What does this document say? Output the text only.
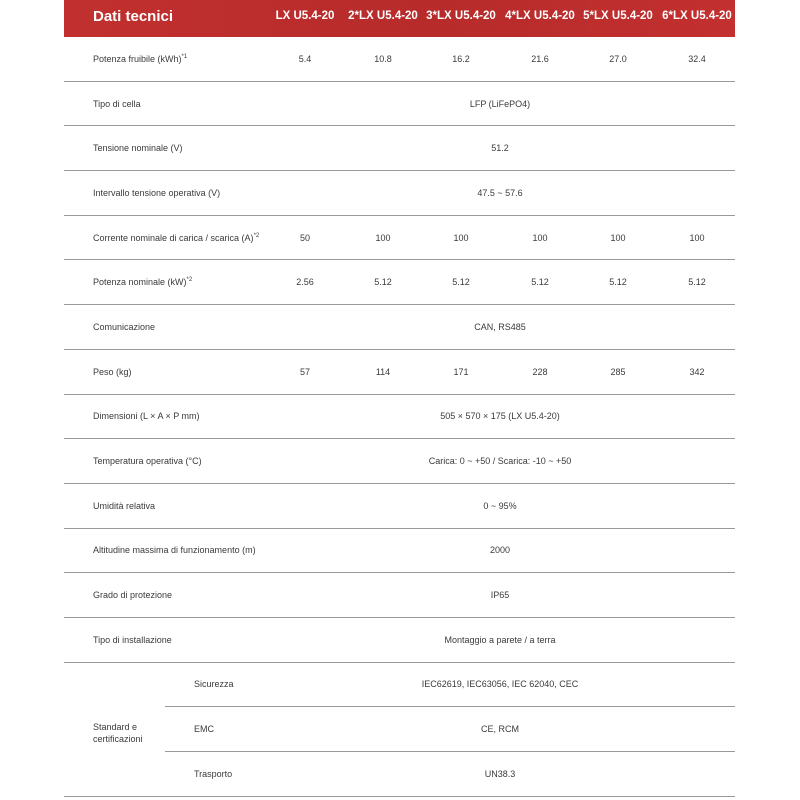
Dati tecnici	LX U5.4-20	2*LX U5.4-20 3*LX U5.4-20 4*LX U5.4-20 5*LX U5.4-20 6*LX U5.4-20
Potenza fruibile (kWh)$^{*1}$	5.4	10.8	16.2	21.6	27.0	32.4
Tipo di cella	LFP (LiFePO4)
Tensione nominale (V)	51.2
Intervallo tensione operativa (V)	47.5 ~ 57.6
Corrente nominale di carica / scarica $(A)^{*2}$	50	100	100	100	100	100
Potenza nominale (kW)$^{*2}$	2.56	5.12	5.12	5.12	5.12	5.12
Comunicazione	CAN, RS485
Peso (kg)	57	114	171	228	285	342
Dimensioni (L × A × P mm)	505 × 570 × 175 (LX U5.4-20)
Temperatura operativa (°C)	Carica: 0 ~ +50 / Scarica: -10 ~ +50
Umidità relativa	0 ~ 95%
Altitudine massima di funzionamento (m)	2000
Grado di protezione	IP65
Tipo di installazione	Montaggio a parete / a terra
Standard e
certificazioni
Sicurezza	IEC62619, IEC63056, IEC 62040, CEC
EMC	CE, RCM
Trasporto	UN38.3
